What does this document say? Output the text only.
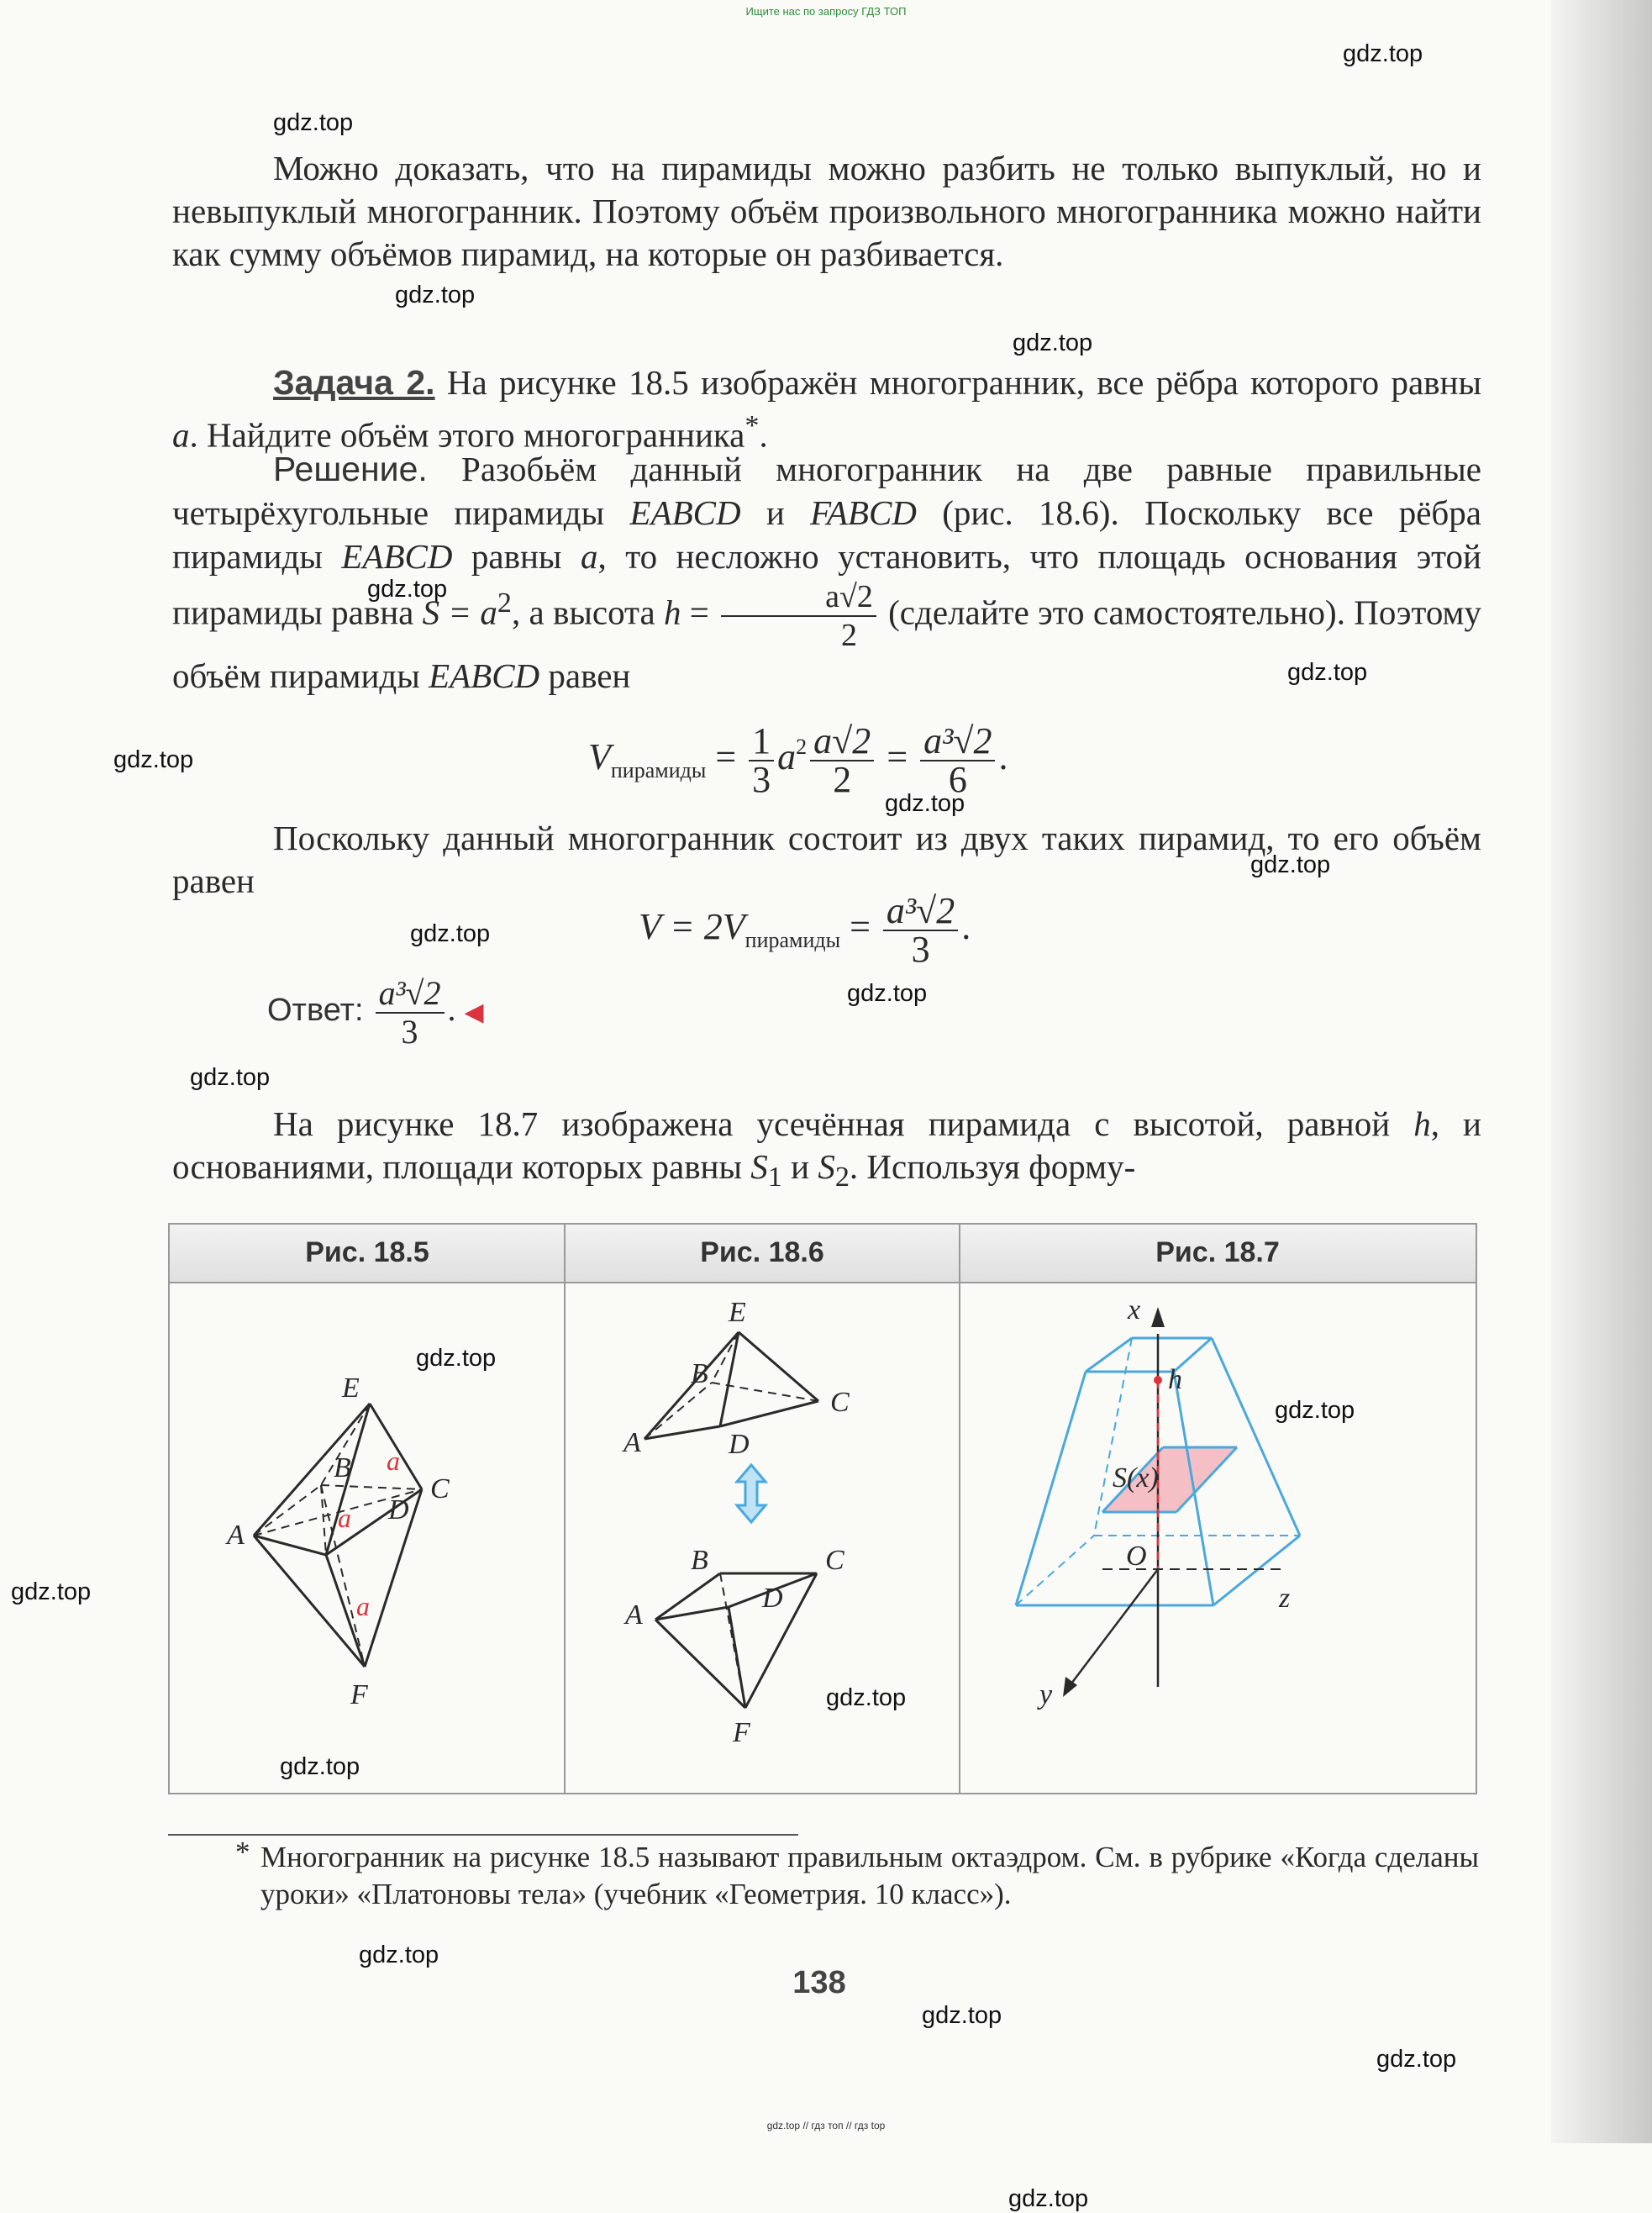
Ищите нас по запросу ГДЗ ТОП
gdz.top
gdz.top
gdz.top
gdz.top
gdz.top
gdz.top
gdz.top
gdz.top
gdz.top
gdz.top
gdz.top
gdz.top
gdz.top
gdz.top
gdz.top
gdz.top
gdz.top
gdz.top
gdz.top
gdz.top
gdz.top
Можно доказать, что на пирамиды можно разбить не только выпуклый, но и невыпуклый многогранник. Поэтому объём произвольного многогранника можно найти как сумму объёмов пирамид, на которые он разбивается.
Задача 2. На рисунке 18.5 изображён многогранник, все рёбра которого равны a. Найдите объём этого многогранника*.
Решение. Разобьём данный многогранник на две равные правильные четырёхугольные пирамиды EABCD и FABCD (рис. 18.6). Поскольку все рёбра пирамиды EABCD равны a, то несложно установить, что площадь основания этой пирамиды равна $S = a^2$, а высота $h = \frac{a√2}{2}$ (сделайте это самостоятельно). Поэтому объём пирамиды EABCD равен
$V_{пирамиды} = \frac{1}{3} a^2 \frac{a√2}{2} = \frac{\text{a³√2}}{6}$ .
Поскольку данный многогранник состоит из двух таких пирамид, то его объём равен
$V = 2V_{пирамиды} = \frac{\text{a³√2}}{3}$ .
Ответ: $\frac{\text{a³√2}}{3}$ . ◀
На рисунке 18.7 изображена усечённая пирамида с высотой, равной h, и основаниями, площади которых равны $S_1$ и $S_2$. Используя форму-
Рис. 18.5	Рис. 18.6	Рис. 18.7
E
A
B
C
D
F
a
a
a
E
B
C
A	D
B	C
D
A
F
x
h
S(x)
O
z
y
* Многогранник на рисунке 18.5 называют правильным октаэдром. См. в рубрике «Когда сделаны уроки» «Платоновы тела» (учебник «Геометрия. 10 класс»).
138
gdz.top // гдз топ // гдз top
